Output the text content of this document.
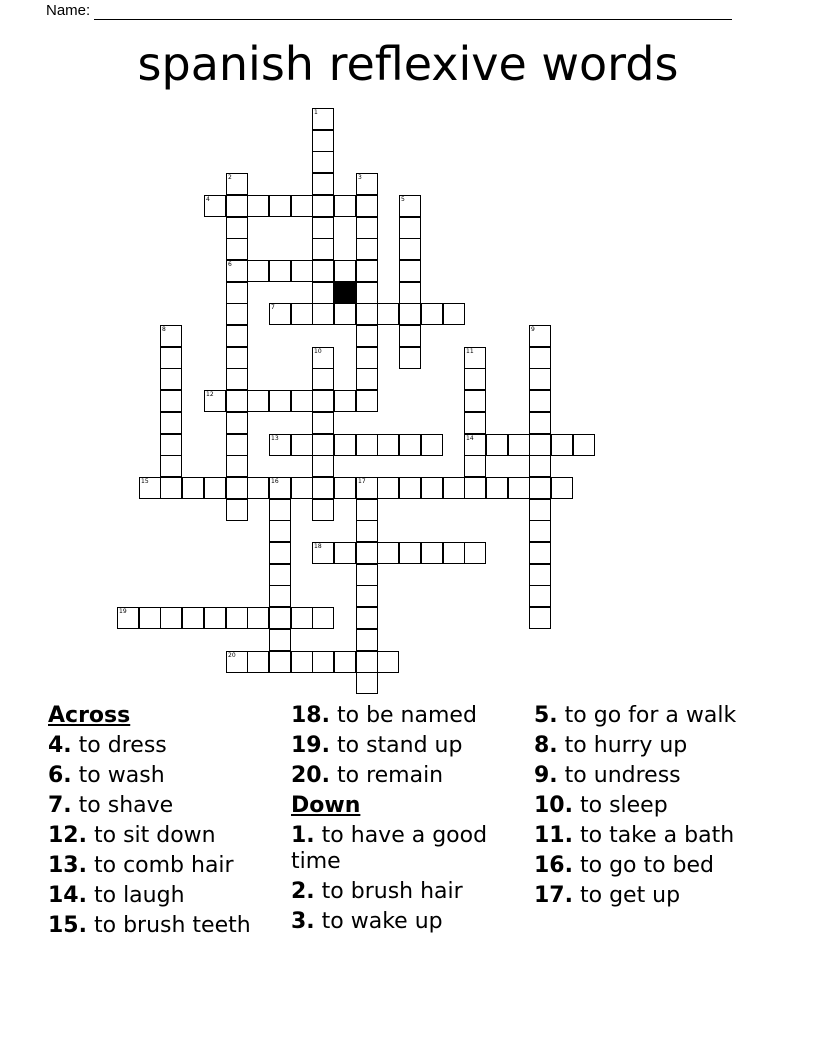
Name:
spanish reflexive words
4
6
7
12
13	14
15	16	17
18
19
20
1
2	3
5
8	9
10	11
Across
4. to dress
6. to wash
7. to shave
12. to sit down
13. to comb hair
14. to laugh
15. to brush teeth
18. to be named
19. to stand up
20. to remain
Down
1. to have a good time
2. to brush hair
3. to wake up
5. to go for a walk
8. to hurry up
9. to undress
10. to sleep
11. to take a bath
16. to go to bed
17. to get up
